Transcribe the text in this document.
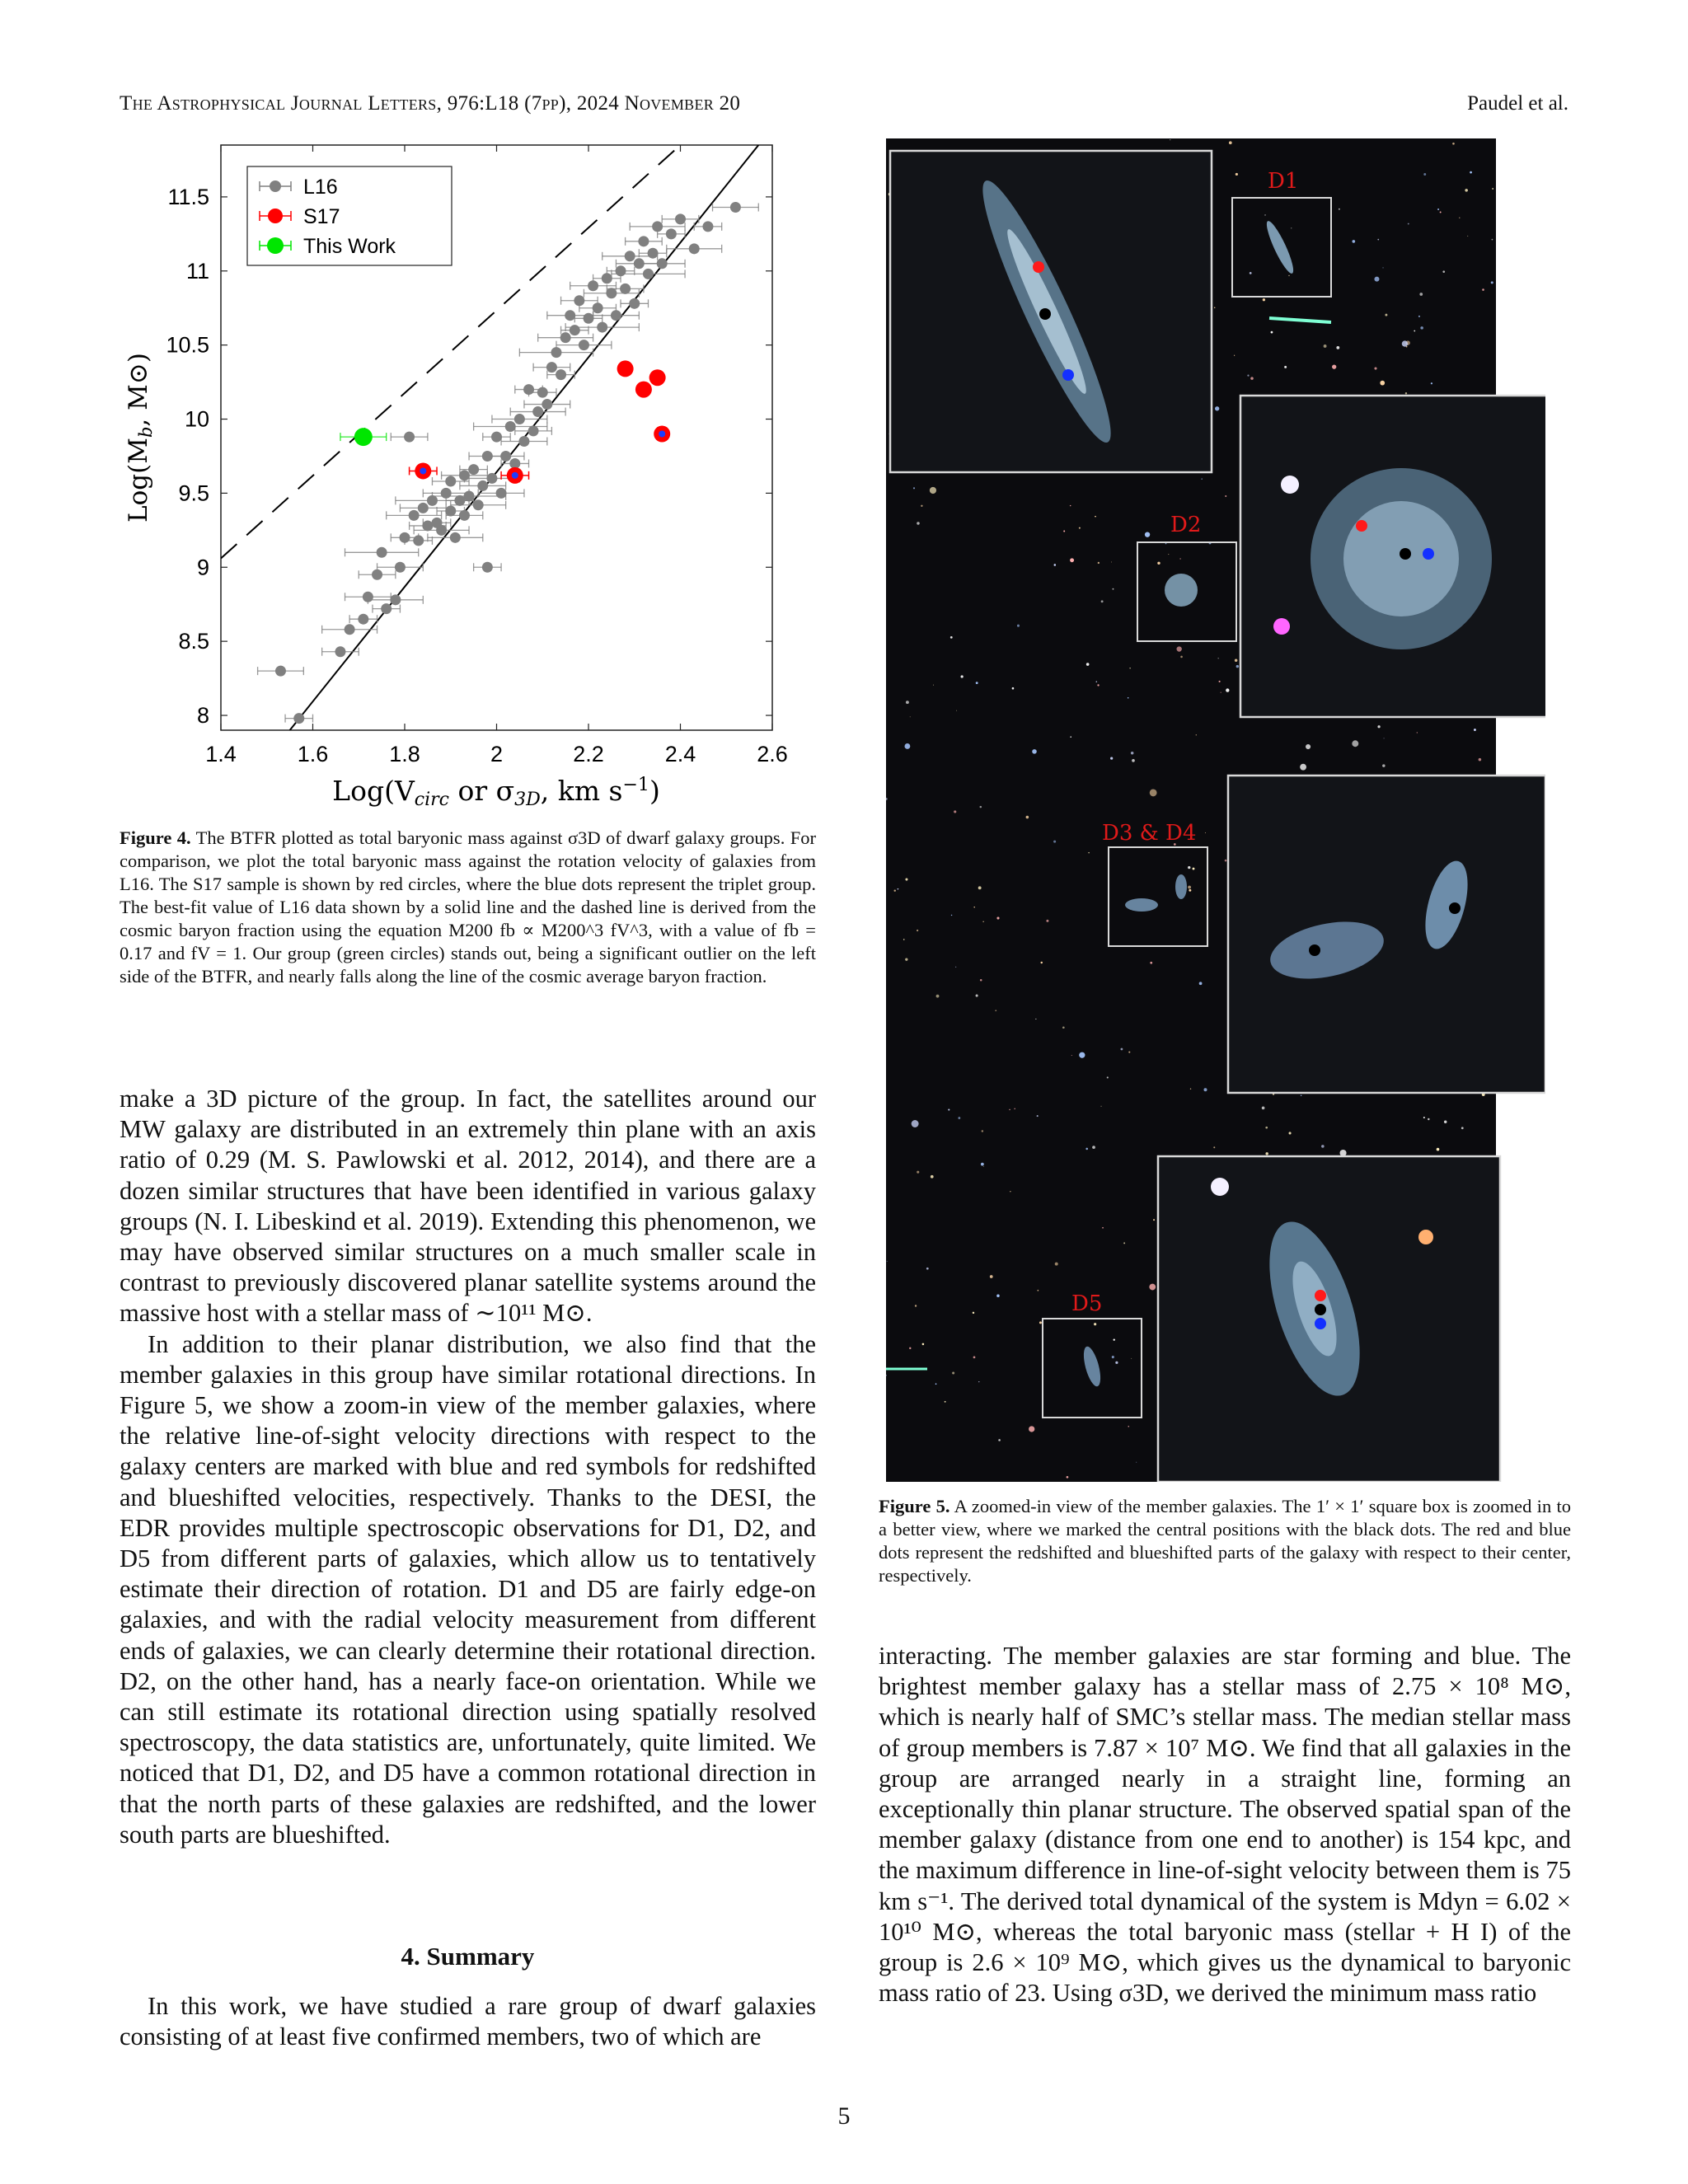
The Astrophysical Journal Letters, 976:L18 (7pp), 2024 November 20	Paudel et al.
1.4	1.6	1.8	2	2.2	2.4	2.6
8
8.5
9
9.5
10
10.5
11
11.5	L16
S17
This Work
Log(Vcirc or σ3D, km $s^{-1}$)
Log(Mb, M⊙)
Figure 4. The BTFR plotted as total baryonic mass against σ3D of dwarf galaxy groups. For comparison, we plot the total baryonic mass against the rotation velocity of galaxies from L16. The S17 sample is shown by red circles, where the blue dots represent the triplet group. The best-fit value of L16 data shown by a solid line and the dashed line is derived from the cosmic baryon fraction using the equation M200 fb ∝ M200^3 fV^3, with a value of fb = 0.17 and fV = 1. Our group (green circles) stands out, being a significant outlier on the left side of the BTFR, and nearly falls along the line of the cosmic average baryon fraction.

make a 3D picture of the group. In fact, the satellites around our MW galaxy are distributed in an extremely thin plane with an axis ratio of 0.29 (M. S. Pawlowski et al. 2012, 2014), and there are a dozen similar structures that have been identified in various galaxy groups (N. I. Libeskind et al. 2019). Extending this phenomenon, we may have observed similar structures on a much smaller scale in contrast to previously discovered planar satellite systems around the massive host with a stellar mass of ∼10¹¹ M⊙.

In addition to their planar distribution, we also find that the member galaxies in this group have similar rotational directions. In Figure 5, we show a zoom-in view of the member galaxies, where the relative line-of-sight velocity directions with respect to the galaxy centers are marked with blue and red symbols for redshifted and blueshifted velocities, respectively. Thanks to the DESI, the EDR provides multiple spectroscopic observations for D1, D2, and D5 from different parts of galaxies, which allow us to tentatively estimate their direction of rotation. D1 and D5 are fairly edge-on galaxies, and with the radial velocity measurement from different ends of galaxies, we can clearly determine their rotational direction. D2, on the other hand, has a nearly face-on orientation. While we can still estimate its rotational direction using spatially resolved spectroscopy, the data statistics are, unfortunately, quite limited. We noticed that D1, D2, and D5 have a common rotational direction in that the north parts of these galaxies are redshifted, and the lower south parts are blueshifted.

4. Summary

In this work, we have studied a rare group of dwarf galaxies consisting of at least five confirmed members, two of which are

D1
D2
D3 & D4
D5
Figure 5. A zoomed-in view of the member galaxies. The 1′ × 1′ square box is zoomed in to a better view, where we marked the central positions with the black dots. The red and blue dots represent the redshifted and blueshifted parts of the galaxy with respect to their center, respectively.

interacting. The member galaxies are star forming and blue. The brightest member galaxy has a stellar mass of 2.75 × 10⁸ M⊙, which is nearly half of SMC’s stellar mass. The median stellar mass of group members is 7.87 × 10⁷ M⊙. We find that all galaxies in the group are arranged nearly in a straight line, forming an exceptionally thin planar structure. The observed spatial span of the member galaxy (distance from one end to another) is 154 kpc, and the maximum difference in line-of-sight velocity between them is 75 km s⁻¹. The derived total dynamical of the system is Mdyn = 6.02 × 10¹⁰ M⊙, whereas the total baryonic mass (stellar + H I) of the group is 2.6 × 10⁹ M⊙, which gives us the dynamical to baryonic mass ratio of 23. Using σ3D, we derived the minimum mass ratio

5
